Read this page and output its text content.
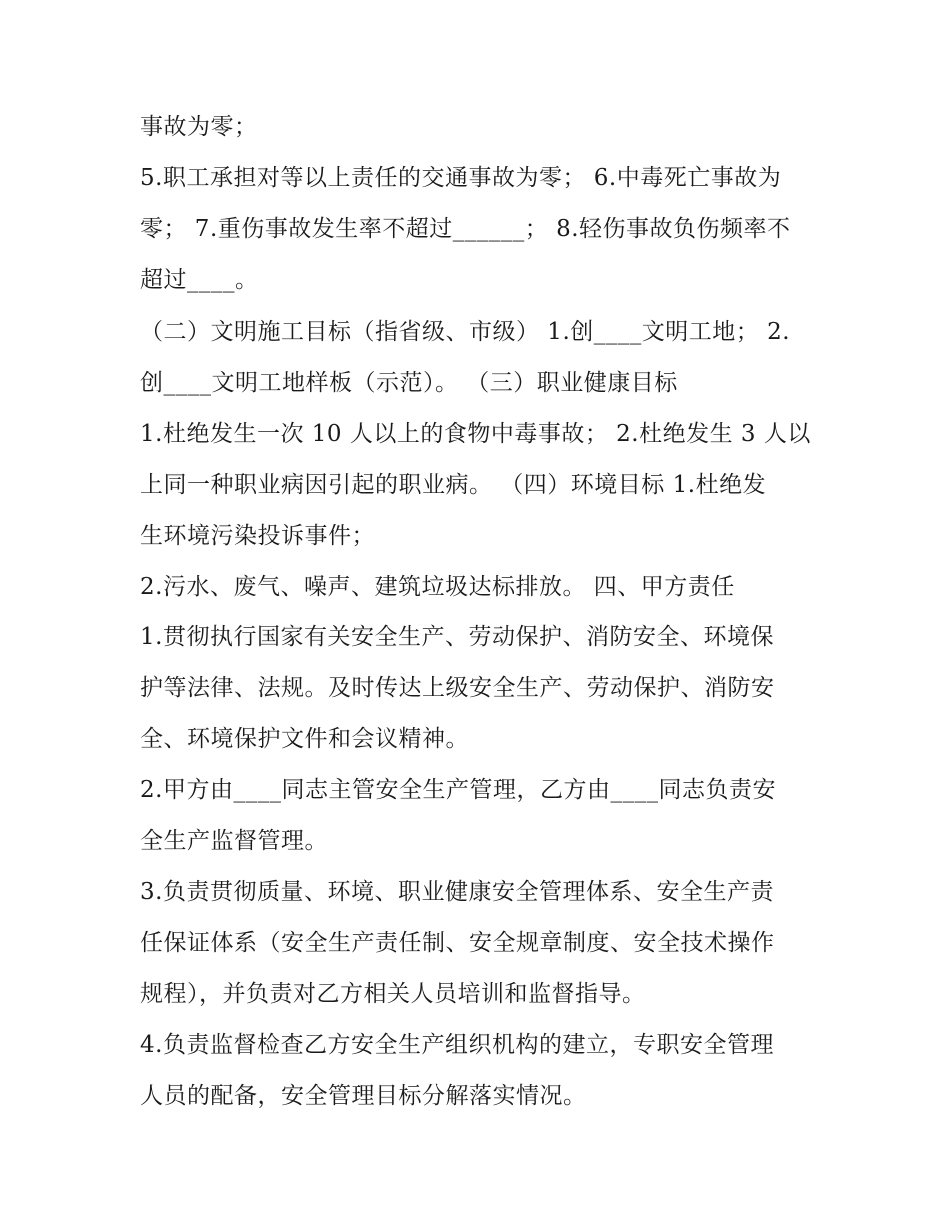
事故为零；
5.职工承担对等以上责任的交通事故为零； 6.中毒死亡事故为
零； 7.重伤事故发生率不超过______； 8.轻伤事故负伤频率不
超过____。
（二）文明施工目标（指省级、市级） 1.创____文明工地； 2.
创____文明工地样板（示范）。 （三）职业健康目标
1.杜绝发生一次 10 人以上的食物中毒事故； 2.杜绝发生 3 人以
上同一种职业病因引起的职业病。 （四）环境目标 1.杜绝发
生环境污染投诉事件；
2.污水、废气、噪声、建筑垃圾达标排放。 四、甲方责任
1.贯彻执行国家有关安全生产、劳动保护、消防安全、环境保
护等法律、法规。及时传达上级安全生产、劳动保护、消防安
全、环境保护文件和会议精神。
2.甲方由____同志主管安全生产管理，乙方由____同志负责安
全生产监督管理。
3.负责贯彻质量、环境、职业健康安全管理体系、安全生产责
任保证体系（安全生产责任制、安全规章制度、安全技术操作
规程），并负责对乙方相关人员培训和监督指导。
4.负责监督检查乙方安全生产组织机构的建立，专职安全管理
人员的配备，安全管理目标分解落实情况。
